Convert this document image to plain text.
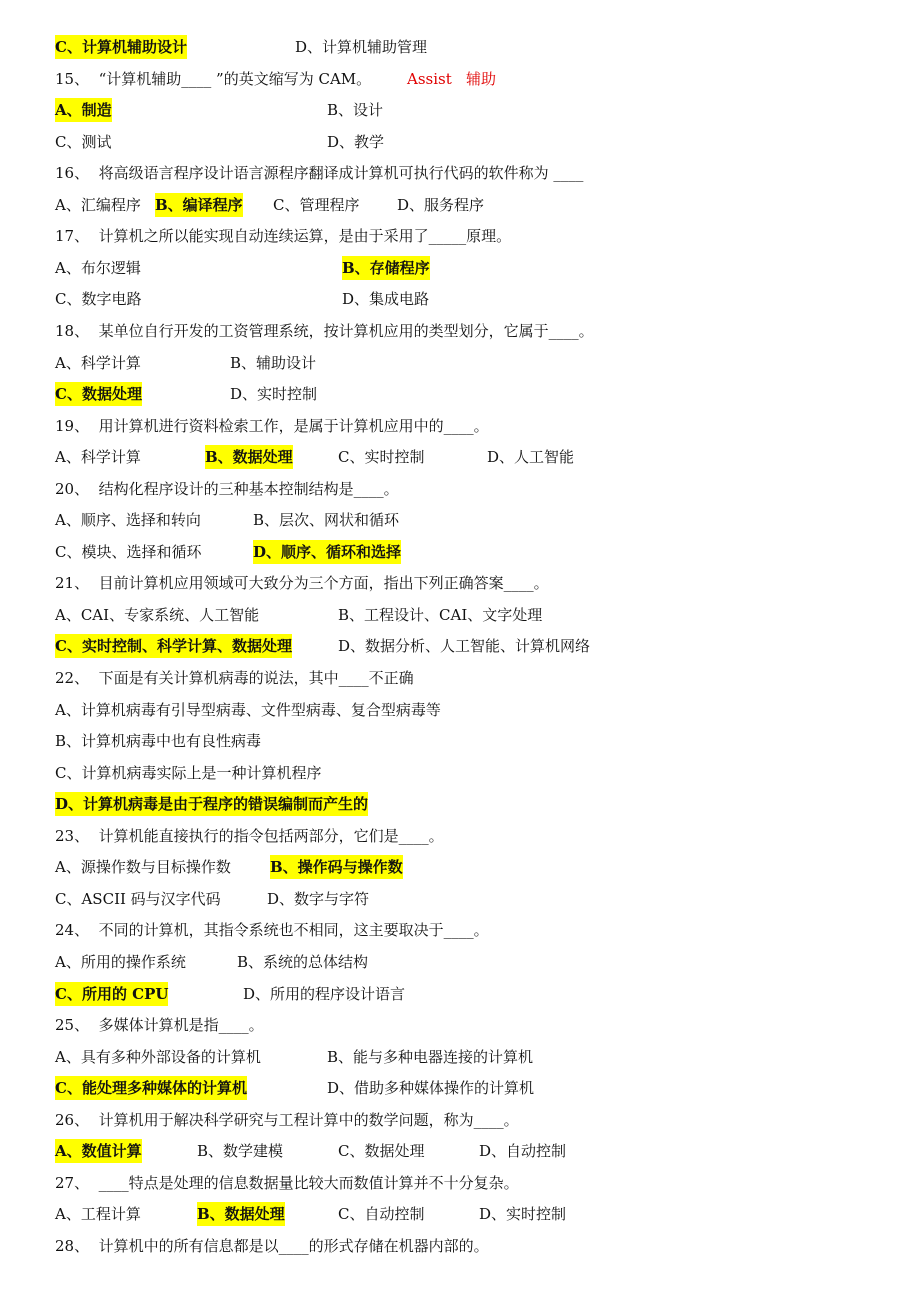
C、计算机辅助设计	D、计算机辅助管理
15、  “计算机辅助____ ”的英文缩写为 CAM。 Assist   辅助
A、制造	B、设计
C、测试	D、教学
16、  将高级语言程序设计语言源程序翻译成计算机可执行代码的软件称为 ____
A、汇编程序 B、编译程序 C、管理程序	D、服务程序
17、  计算机之所以能实现自动连续运算，是由于采用了_____原理。
A、布尔逻辑	B、存储程序
C、数字电路	D、集成电路
18、  某单位自行开发的工资管理系统，按计算机应用的类型划分，它属于____。
A、科学计算	B、辅助设计
C、数据处理	D、实时控制
19、  用计算机进行资料检索工作，是属于计算机应用中的____。
A、科学计算	B、数据处理	C、实时控制	D、人工智能
20、  结构化程序设计的三种基本控制结构是____。
A、顺序、选择和转向	B、层次、网状和循环
C、模块、选择和循环	D、顺序、循环和选择
21、  目前计算机应用领域可大致分为三个方面，指出下列正确答案____。
A、CAI、专家系统、人工智能	B、工程设计、CAI、文字处理
C、实时控制、科学计算、数据处理	D、数据分析、人工智能、计算机网络
22、  下面是有关计算机病毒的说法，其中____不正确
A、计算机病毒有引导型病毒、文件型病毒、复合型病毒等
B、计算机病毒中也有良性病毒
C、计算机病毒实际上是一种计算机程序
D、计算机病毒是由于程序的错误编制而产生的
23、  计算机能直接执行的指令包括两部分，它们是____。
A、源操作数与目标操作数	B、操作码与操作数
C、ASCII 码与汉字代码	D、数字与字符
24、  不同的计算机，其指令系统也不相同，这主要取决于____。
A、所用的操作系统	B、系统的总体结构
C、所用的 CPU	D、所用的程序设计语言
25、  多媒体计算机是指____。
A、具有多种外部设备的计算机	B、能与多种电器连接的计算机
C、能处理多种媒体的计算机	D、借助多种媒体操作的计算机
26、  计算机用于解决科学研究与工程计算中的数学问题，称为____。
A、数值计算	B、数学建模	C、数据处理	D、自动控制
27、  ____特点是处理的信息数据量比较大而数值计算并不十分复杂。
A、工程计算	B、数据处理	C、自动控制	D、实时控制
28、  计算机中的所有信息都是以____的形式存储在机器内部的。
